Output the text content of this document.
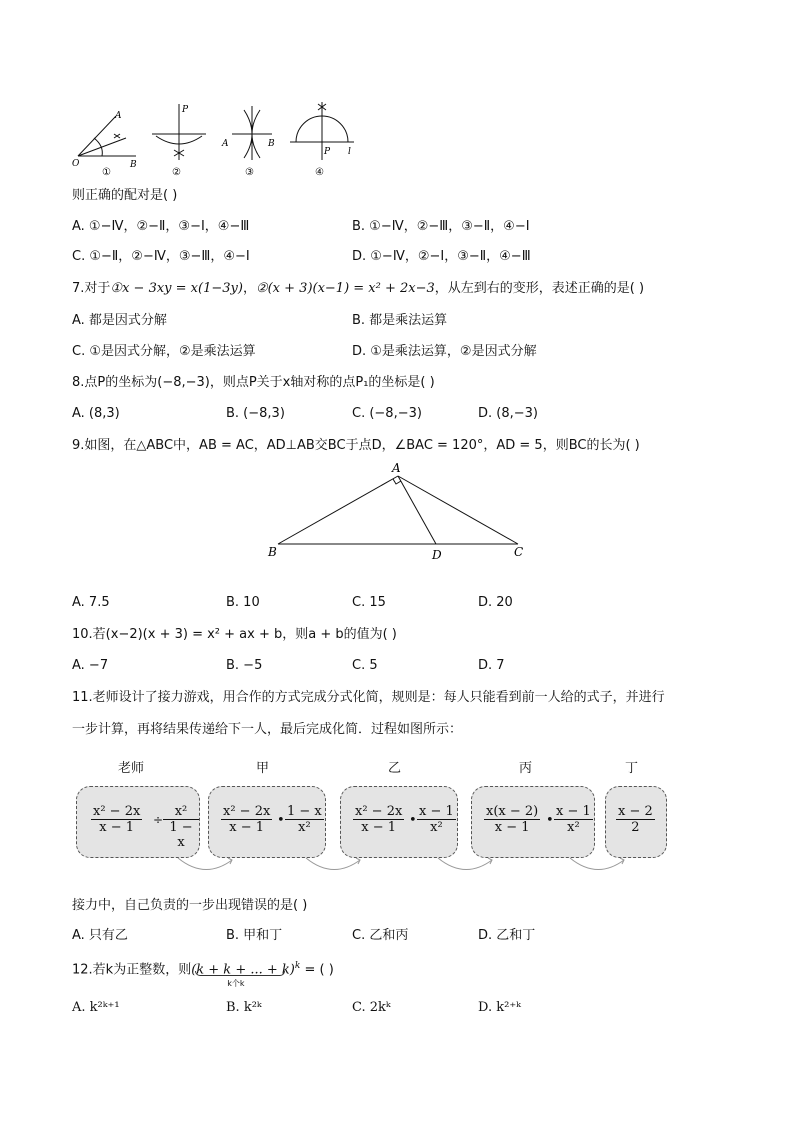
A
O	B
①
P
②
A	B
③
P l
④
则正确的配对是( )
A. ①−Ⅳ，②−Ⅱ，③−Ⅰ，④−Ⅲ	B. ①−Ⅳ，②−Ⅲ，③−Ⅱ，④−Ⅰ
C. ①−Ⅱ，②−Ⅳ，③−Ⅲ，④−Ⅰ	D. ①−Ⅳ，②−Ⅰ，③−Ⅱ，④−Ⅲ
7.对于①x − 3xy = x(1−3y)，②(x + 3)(x−1) = x² + 2x−3，从左到右的变形，表述正确的是( )
A. 都是因式分解	B. 都是乘法运算
C. ①是因式分解，②是乘法运算	D. ①是乘法运算，②是因式分解
8.点P的坐标为(−8,−3)，则点P关于x轴对称的点P₁的坐标是( )
A. (8,3)	B. (−8,3)	C. (−8,−3)	D. (8,−3)
9.如图，在△ABC中，AB = AC，AD⊥AB交BC于点D，∠BAC = 120°，AD = 5，则BC的长为( )
A
B	D	C
A. 7.5	B. 10	C. 15	D. 20
10.若(x−2)(x + 3) = x² + ax + b，则a + b的值为( )
A. −7	B. −5	C. 5	D. 7
11.老师设计了接力游戏，用合作的方式完成分式化简，规则是：每人只能看到前一人给的式子，并进行
一步计算，再将结果传递给下一人，最后完成化简．过程如图所示：
老师	甲	乙	丙	丁
$\frac{\text{x² − 2x}}{x - 1} \div \frac{\text{x²}}{1 - x} \frac{\text{x² − 2x}}{x - 1}$ • $\frac{1 - x}{\text{x²}} \frac{\text{x² − 2x}}{x - 1}$ • $\frac{x - 1}{\text{x²}} \frac{x(x - 2)}{x - 1}$ • $\frac{x - 1}{\text{x²}} \frac{x - 2}{2}$
接力中，自己负责的一步出现错误的是( )
A. 只有乙	B. 甲和丁	C. 乙和丙	D. 乙和丁
12.若k为正整数，则(k + k + ... + k)$^k$
k个k
= ( )
A. k²ᵏ⁺¹	B. k²ᵏ	C. 2kᵏ	D. k²⁺ᵏ
